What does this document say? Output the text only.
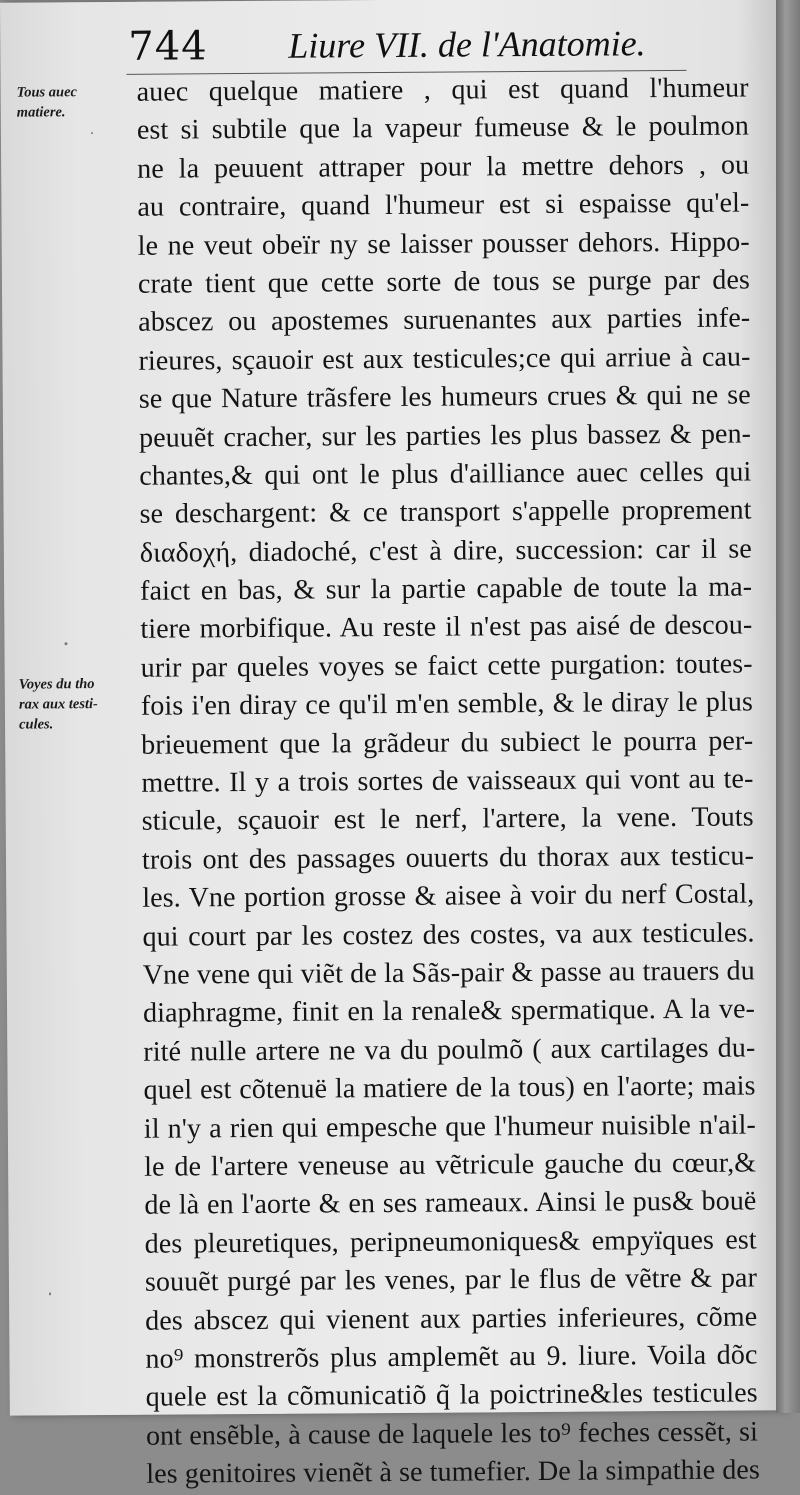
744 Liure VII. de l'Anatomie.
Tous auec
matiere.
Voyes du tho
rax aux testi-
cules.
auec quelque matiere , qui est quand l'humeur
est si subtile que la vapeur fumeuse & le poulmon
ne la peuuent attraper pour la mettre dehors , ou
au contraire, quand l'humeur est si espaisse qu'el-
le ne veut obeïr ny se laisser pousser dehors. Hippo-
crate tient que cette sorte de tous se purge par des
abscez ou apostemes suruenantes aux parties infe-
rieures, sçauoir est aux testicules;ce qui arriue à cau-
se que Nature trãsfere les humeurs crues & qui ne se
peuuẽt cracher, sur les parties les plus bassez & pen-
chantes,& qui ont le plus d'ailliance auec celles qui
se deschargent: & ce transport s'appelle proprement
διαδοχή, diadoché, c'est à dire, succession: car il se
faict en bas, & sur la partie capable de toute la ma-
tiere morbifique. Au reste il n'est pas aisé de descou-
urir par queles voyes se faict cette purgation: toutes-
fois i'en diray ce qu'il m'en semble, & le diray le plus
brieuement que la grãdeur du subiect le pourra per-
mettre. Il y a trois sortes de vaisseaux qui vont au te-
sticule, sçauoir est le nerf, l'artere, la vene. Touts
trois ont des passages ouuerts du thorax aux testicu-
les. Vne portion grosse & aisee à voir du nerf Costal,
qui court par les costez des costes, va aux testicules.
Vne vene qui viẽt de la Sãs-pair & passe au trauers du
diaphragme, finit en la renale& spermatique. A la ve-
rité nulle artere ne va du poulmõ ( aux cartilages du-
quel est cõtenuë la matiere de la tous) en l'aorte; mais
il n'y a rien qui empesche que l'humeur nuisible n'ail-
le de l'artere veneuse au vẽtricule gauche du cœur,&
de là en l'aorte & en ses rameaux. Ainsi le pus& bouë
des pleuretiques, peripneumoniques& empyïques est
souuẽt purgé par les venes, par le flus de vẽtre & par
des abscez qui vienent aux parties inferieures, cõme
no⁹ monstrerõs plus amplemẽt au 9. liure. Voila dõc
quele est la cõmunicatiõ q̃ la poictrine&les testicules
ont ensẽble, à cause de laquele les to⁹ feches cessẽt, si
les genitoires vienẽt à se tumefier. De la simpathie des
